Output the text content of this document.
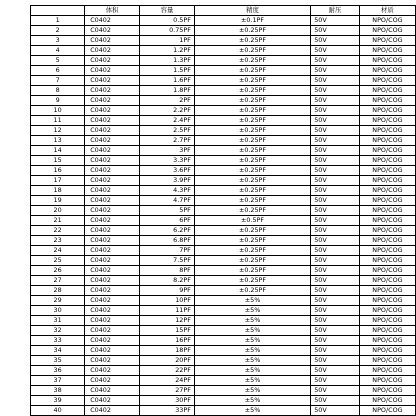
	体积	容量	精度	耐压	材质
1	C0402	0.5PF	±0.1PF	50V	NPO/COG
2	C0402	0.75PF	±0.25PF	50V	NPO/COG
3	C0402	1PF	±0.25PF	50V	NPO/COG
4	C0402	1.2PF	±0.25PF	50V	NPO/COG
5	C0402	1.3PF	±0.25PF	50V	NPO/COG
6	C0402	1.5PF	±0.25PF	50V	NPO/COG
7	C0402	1.6PF	±0.25PF	50V	NPO/COG
8	C0402	1.8PF	±0.25PF	50V	NPO/COG
9	C0402	2PF	±0.25PF	50V	NPO/COG
10	C0402	2.2PF	±0.25PF	50V	NPO/COG
11	C0402	2.4PF	±0.25PF	50V	NPO/COG
12	C0402	2.5PF	±0.25PF	50V	NPO/COG
13	C0402	2.7PF	±0.25PF	50V	NPO/COG
14	C0402	3PF	±0.25PF	50V	NPO/COG
15	C0402	3.3PF	±0.25PF	50V	NPO/COG
16	C0402	3.6PF	±0.25PF	50V	NPO/COG
17	C0402	3.9PF	±0.25PF	50V	NPO/COG
18	C0402	4.3PF	±0.25PF	50V	NPO/COG
19	C0402	4.7PF	±0.25PF	50V	NPO/COG
20	C0402	5PF	±0.25PF	50V	NPO/COG
21	C0402	6PF	±0.5PF	50V	NPO/COG
22	C0402	6.2PF	±0.25PF	50V	NPO/COG
23	C0402	6.8PF	±0.25PF	50V	NPO/COG
24	C0402	7PF	±0.25PF	50V	NPO/COG
25	C0402	7.5PF	±0.25PF	50V	NPO/COG
26	C0402	8PF	±0.25PF	50V	NPO/COG
27	C0402	8.2PF	±0.25PF	50V	NPO/COG
28	C0402	9PF	±0.25PF	50V	NPO/COG
29	C0402	10PF	±5%	50V	NPO/COG
30	C0402	11PF	±5%	50V	NPO/COG
31	C0402	12PF	±5%	50V	NPO/COG
32	C0402	15PF	±5%	50V	NPO/COG
33	C0402	16PF	±5%	50V	NPO/COG
34	C0402	18PF	±5%	50V	NPO/COG
35	C0402	20PF	±5%	50V	NPO/COG
36	C0402	22PF	±5%	50V	NPO/COG
37	C0402	24PF	±5%	50V	NPO/COG
38	C0402	27PF	±5%	50V	NPO/COG
39	C0402	30PF	±5%	50V	NPO/COG
40	C0402	33PF	±5%	50V	NPO/COG
